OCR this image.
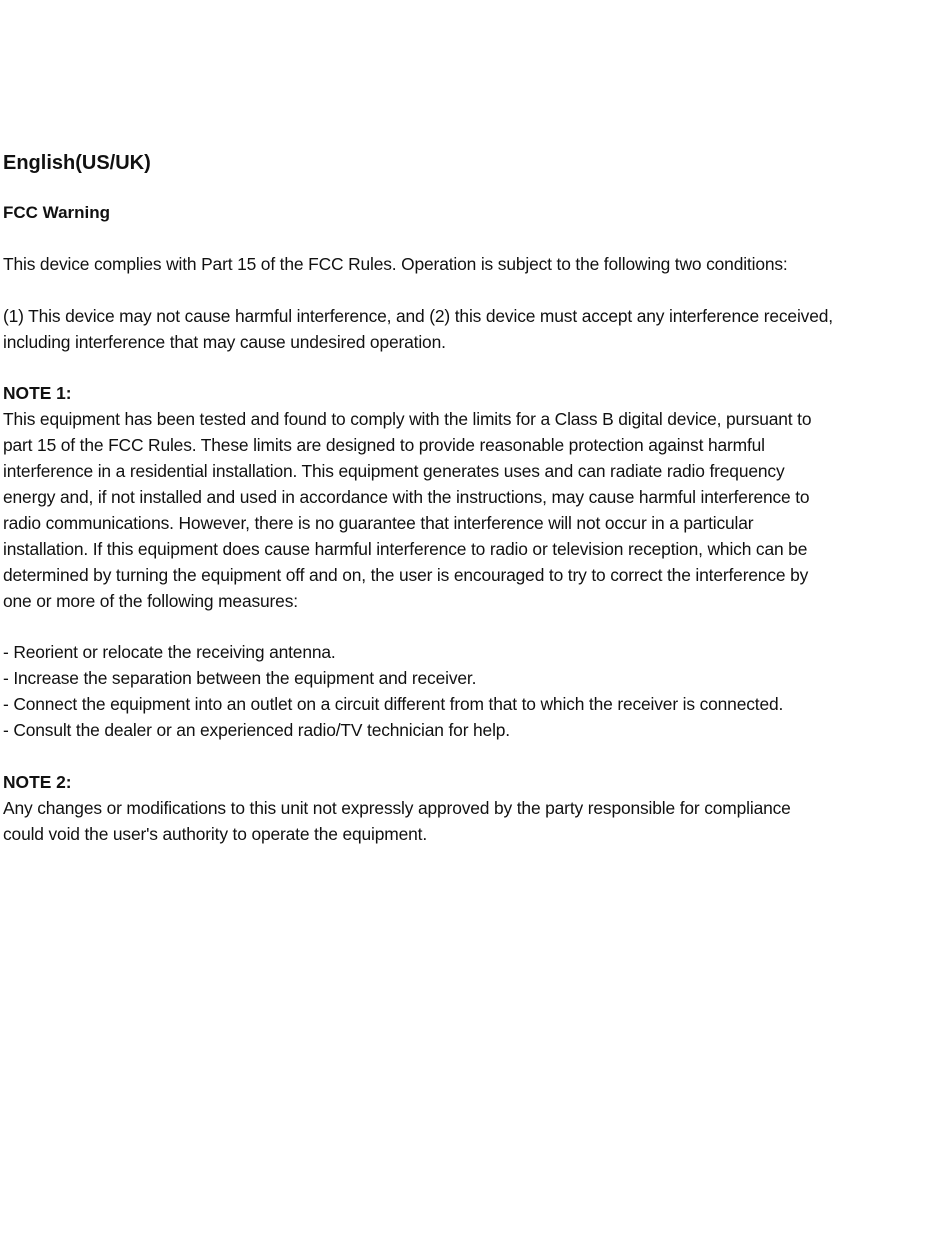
English(US/UK)
FCC Warning

This device complies with Part 15 of the FCC Rules. Operation is subject to the following two conditions:

(1) This device may not cause harmful interference, and (2) this device must accept any interference received,
including interference that may cause undesired operation.

NOTE 1:

This equipment has been tested and found to comply with the limits for a Class B digital device, pursuant to
part 15 of the FCC Rules. These limits are designed to provide reasonable protection against harmful
interference in a residential installation. This equipment generates uses and can radiate radio frequency
energy and, if not installed and used in accordance with the instructions, may cause harmful interference to
radio communications. However, there is no guarantee that interference will not occur in a particular
installation. If this equipment does cause harmful interference to radio or television reception, which can be
determined by turning the equipment off and on, the user is encouraged to try to correct the interference by
one or more of the following measures:

- Reorient or relocate the receiving antenna.
- Increase the separation between the equipment and receiver.
- Connect the equipment into an outlet on a circuit different from that to which the receiver is connected.
- Consult the dealer or an experienced radio/TV technician for help.

NOTE 2:

Any changes or modifications to this unit not expressly approved by the party responsible for compliance
could void the user's authority to operate the equipment.
